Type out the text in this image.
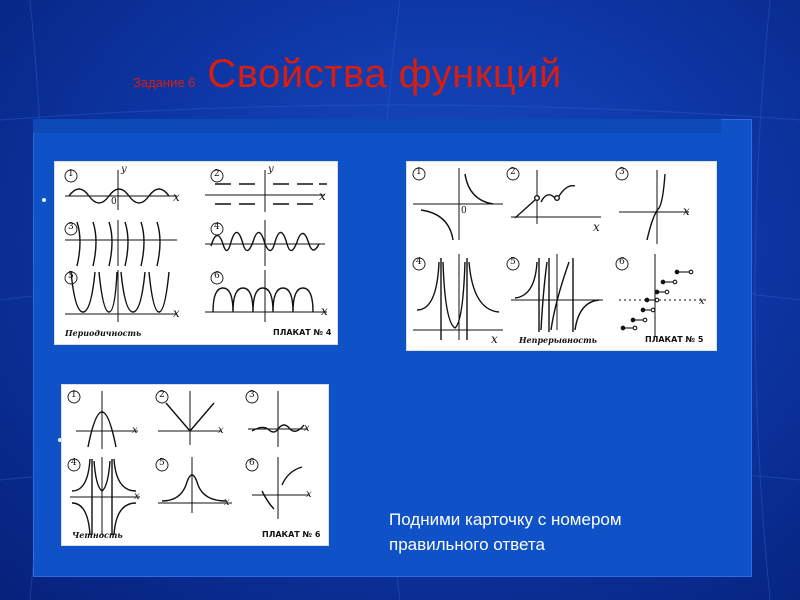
Задание 6 Свойства функций
1	2
3	4
5	6
x
y
0	x
y
x	x
Периодичность	ПЛАКАТ № 4
1	2	3
4	5	6
x
x
x
x
0
Непрерывность	ПЛАКАТ № 5
1	2	3
4	5	6
x	x	x
x
x
x
Четность	ПЛАКАТ № 6
Подними карточку с номером
правильного ответа
